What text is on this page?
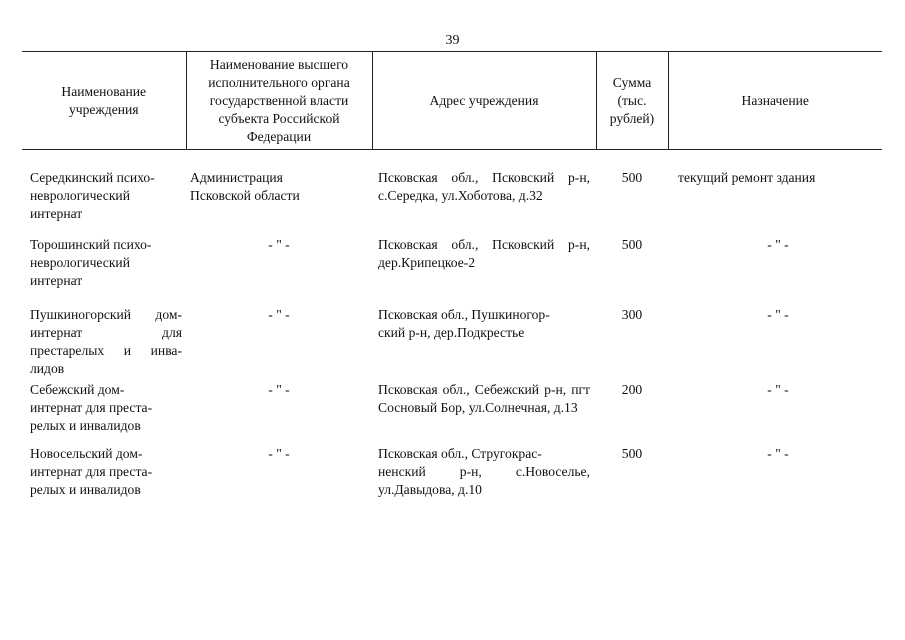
39
Наименование
учреждения	Наименование высшего
исполнительного органа
государственной власти
субъекта Российской
Федерации	Адрес учреждения	Сумма
(тыс.
рублей)	Назначение

Середкинский психо-
неврологический
интернат	Администрация
Псковской области	Псковская обл., Псковский р-н, с.Середка, ул.Хоботова, д.32	500	текущий ремонт здания
Торошинский психо-
неврологический
интернат	- " -	Псковская обл., Псковский р-н, дер.Крипецкое-2	500	- " -
Пушкиногорский дом-интернат для престарелых и инва- лидов	- " -	Псковская обл., Пушкиногор-
ский р-н, дер.Подкрестье	300	- " -
Себежский дом-
интернат для преста-
релых и инвалидов	- " -	Псковская обл., Себежский р-н, пгт Сосновый Бор, ул.Солнечная, д.13	200	- " -
Новосельский дом-
интернат для преста-
релых и инвалидов	- " -	Псковская обл., Стругокрас-
ненский р-н, с.Новоселье, ул.Давыдова, д.10	500	- " -
